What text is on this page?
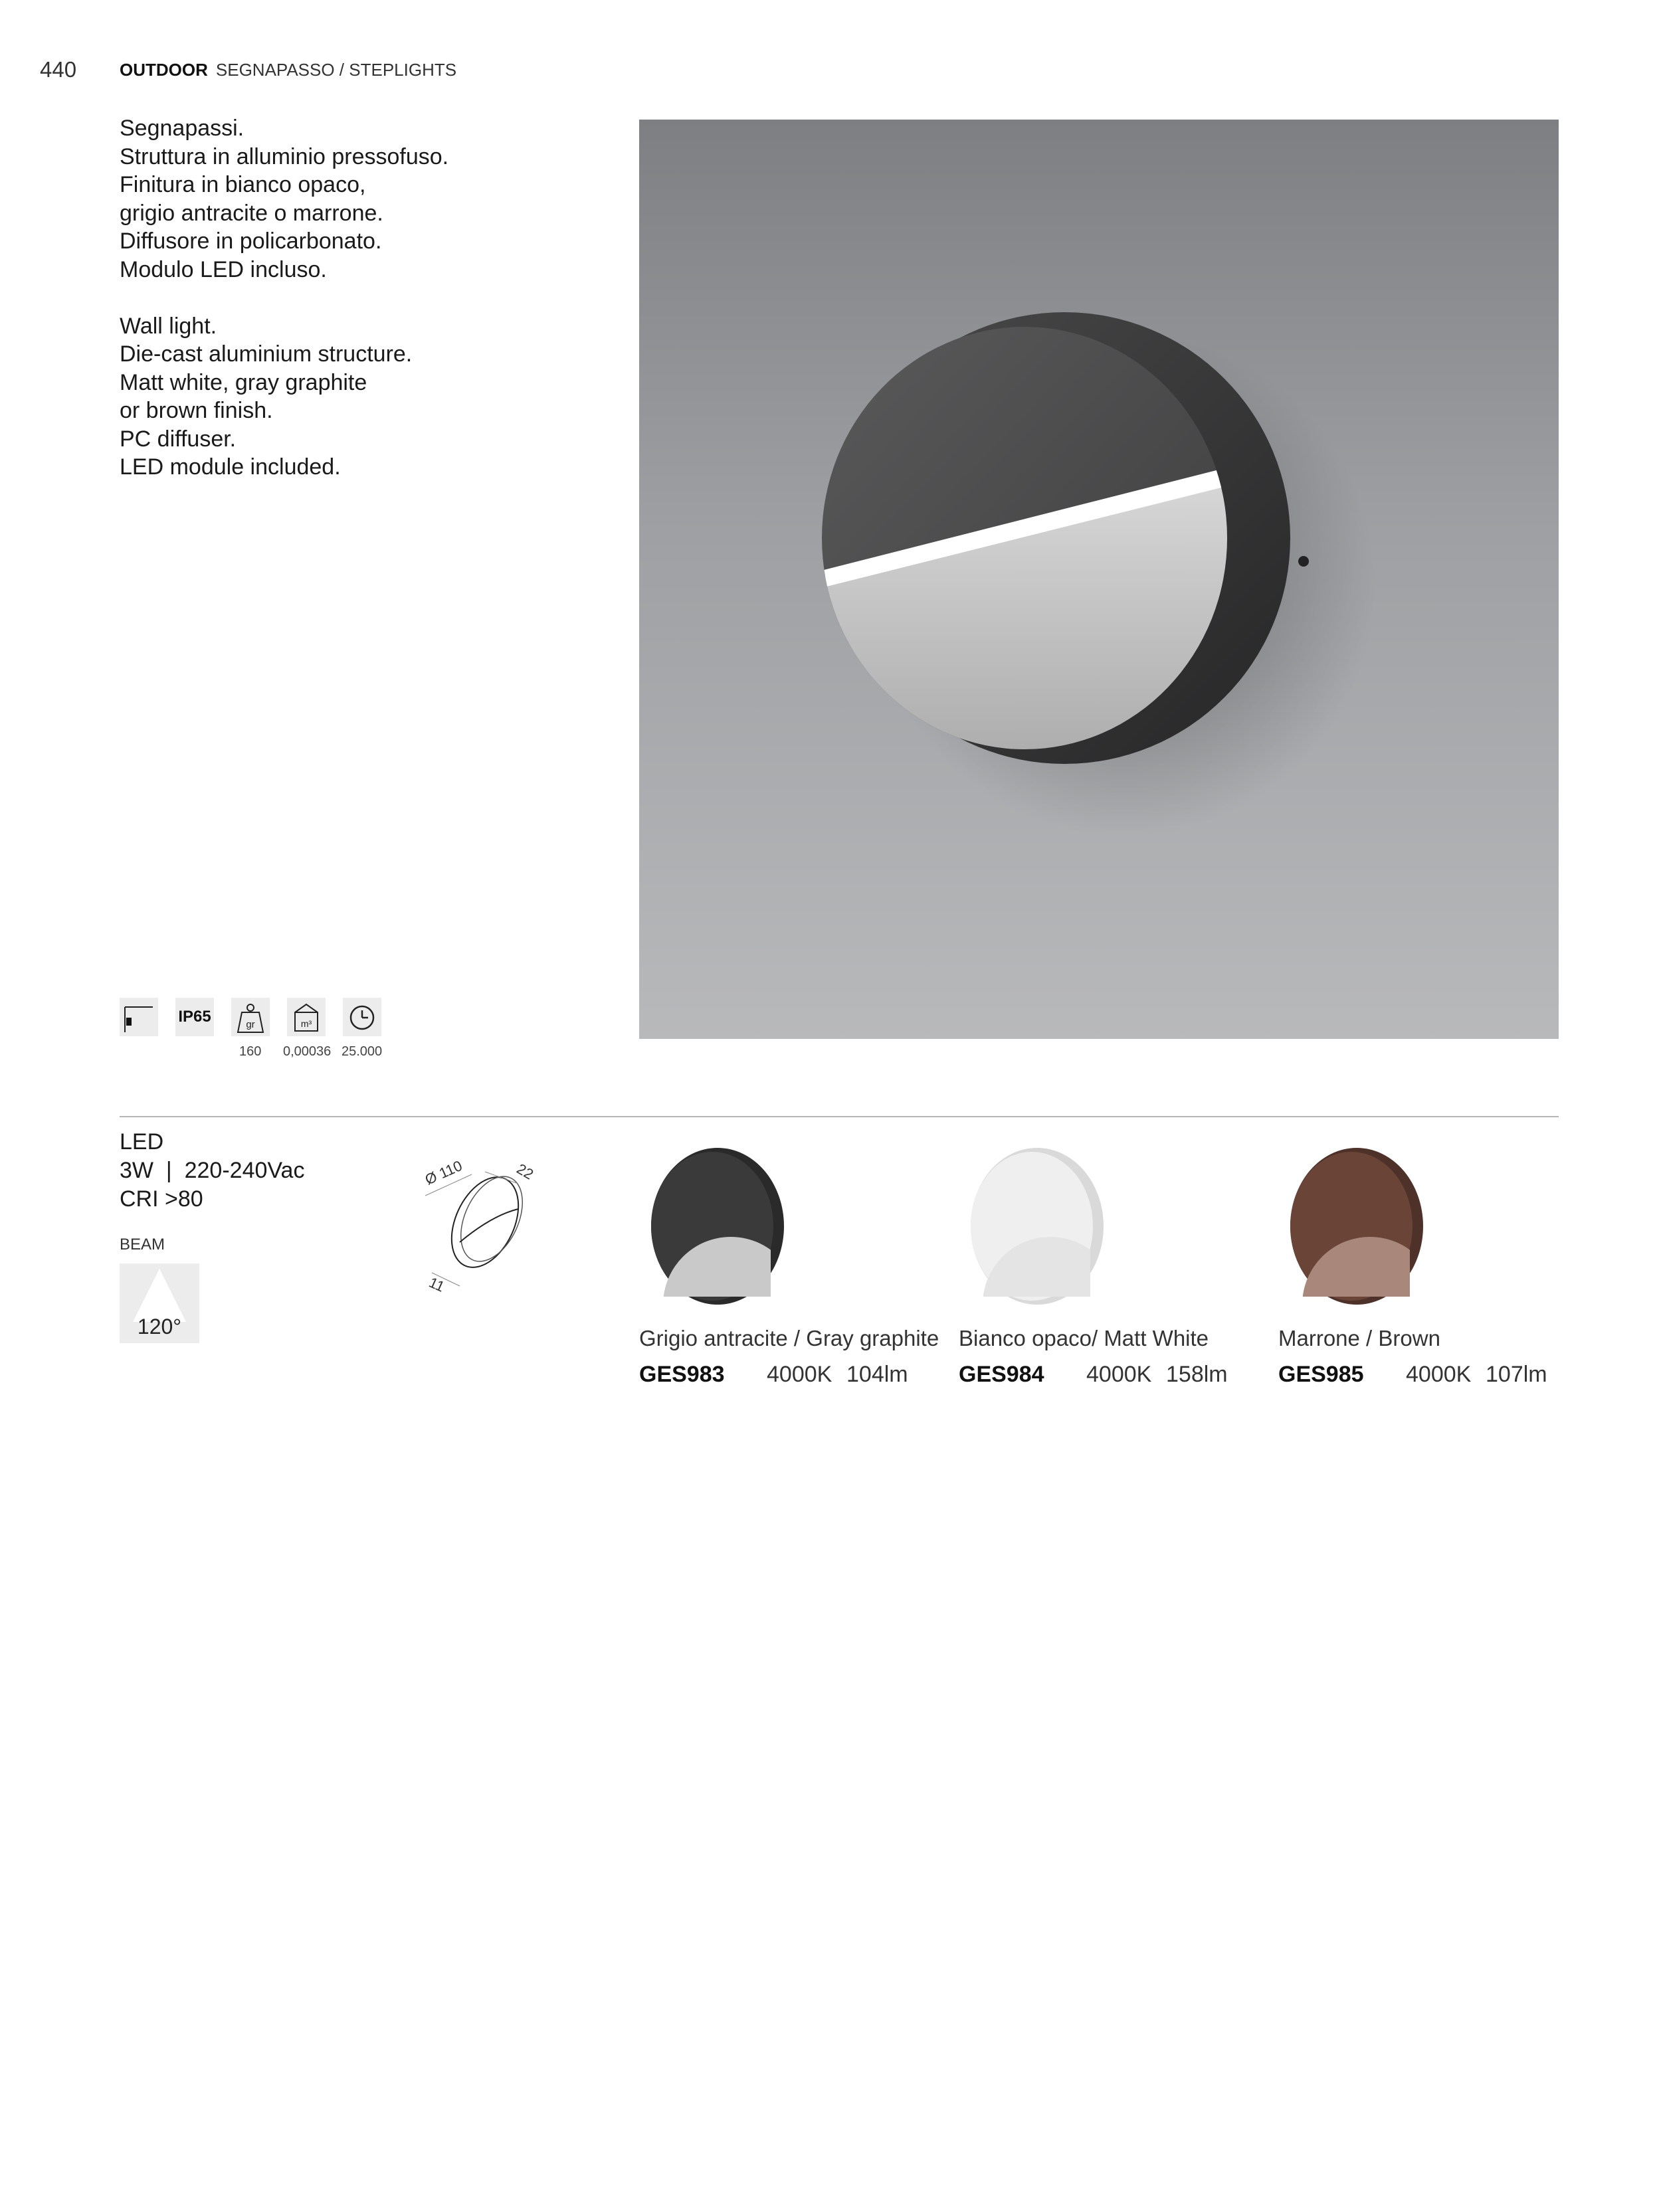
440 OUTDOOR SEGNAPASSO / STEPLIGHTS
Segnapassi.
Struttura in alluminio pressofuso.
Finitura in bianco opaco,
grigio antracite o marrone.
Diffusore in policarbonato.
Modulo LED incluso.
Wall light.
Die-cast aluminium structure.
Matt white, gray graphite
or brown finish.
PC diffuser.
LED module included.
IP65	gr	m³
160 0,00036 25.000
LED
3W  |  220-240Vac
CRI >80
BEAM
120°
Ø 110	22
11
Grigio antracite / Gray graphite
GES983 4000K 104lm
Bianco opaco/ Matt White
GES984 4000K 158lm
Marrone / Brown
GES985 4000K 107lm
